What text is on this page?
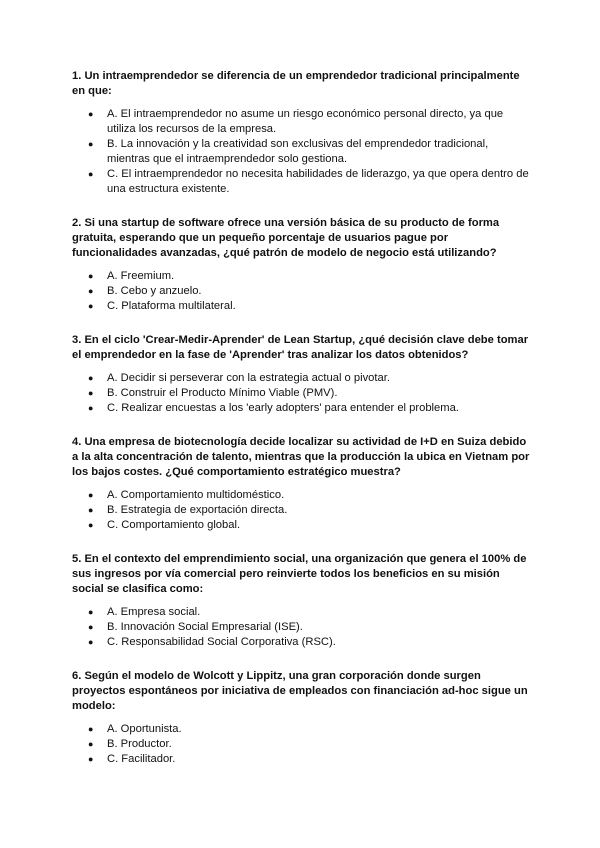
1. Un intraemprendedor se diferencia de un emprendedor tradicional principalmente en que:
● A. El intraemprendedor no asume un riesgo económico personal directo, ya que utiliza los recursos de la empresa.
● B. La innovación y la creatividad son exclusivas del emprendedor tradicional, mientras que el intraemprendedor solo gestiona.
● C. El intraemprendedor no necesita habilidades de liderazgo, ya que opera dentro de una estructura existente.
2. Si una startup de software ofrece una versión básica de su producto de forma gratuita, esperando que un pequeño porcentaje de usuarios pague por funcionalidades avanzadas, ¿qué patrón de modelo de negocio está utilizando?
● A. Freemium.
● B. Cebo y anzuelo.
● C. Plataforma multilateral.
3. En el ciclo 'Crear-Medir-Aprender' de Lean Startup, ¿qué decisión clave debe tomar el emprendedor en la fase de 'Aprender' tras analizar los datos obtenidos?
● A. Decidir si perseverar con la estrategia actual o pivotar.
● B. Construir el Producto Mínimo Viable (PMV).
● C. Realizar encuestas a los 'early adopters' para entender el problema.
4. Una empresa de biotecnología decide localizar su actividad de I+D en Suiza debido a la alta concentración de talento, mientras que la producción la ubica en Vietnam por los bajos costes. ¿Qué comportamiento estratégico muestra?
● A. Comportamiento multidoméstico.
● B. Estrategia de exportación directa.
● C. Comportamiento global.
5. En el contexto del emprendimiento social, una organización que genera el 100% de sus ingresos por vía comercial pero reinvierte todos los beneficios en su misión social se clasifica como:
● A. Empresa social.
● B. Innovación Social Empresarial (ISE).
● C. Responsabilidad Social Corporativa (RSC).
6. Según el modelo de Wolcott y Lippitz, una gran corporación donde surgen proyectos espontáneos por iniciativa de empleados con financiación ad-hoc sigue un modelo:
● A. Oportunista.
● B. Productor.
● C. Facilitador.
